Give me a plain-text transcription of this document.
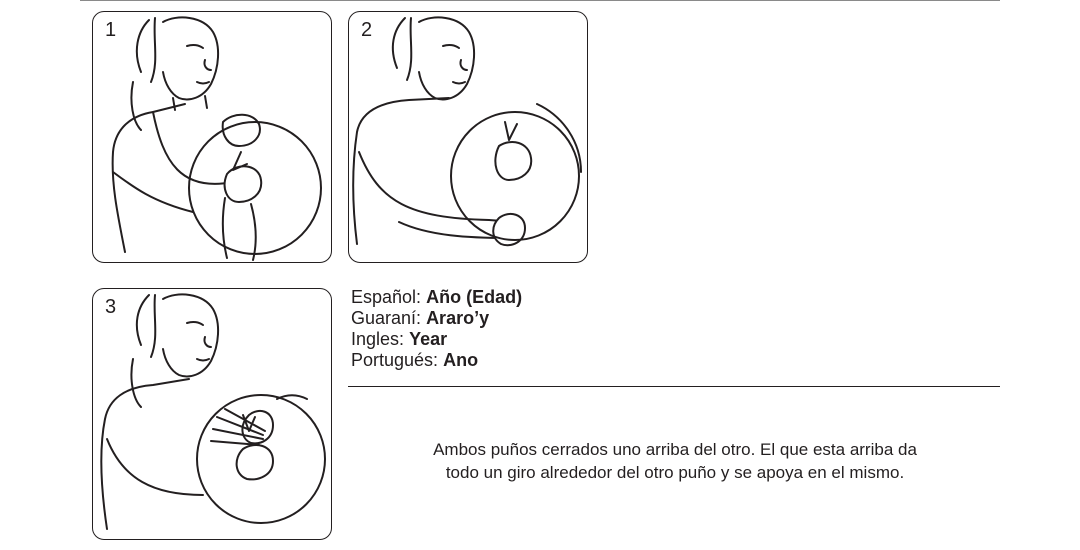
1	2
3	Español: Año (Edad)
Guaraní: Araro’y
Ingles: Year
Portugués: Ano
Ambos puños cerrados uno arriba del otro. El que esta arriba da
todo un giro alrededor del otro puño y se apoya en el mismo.
